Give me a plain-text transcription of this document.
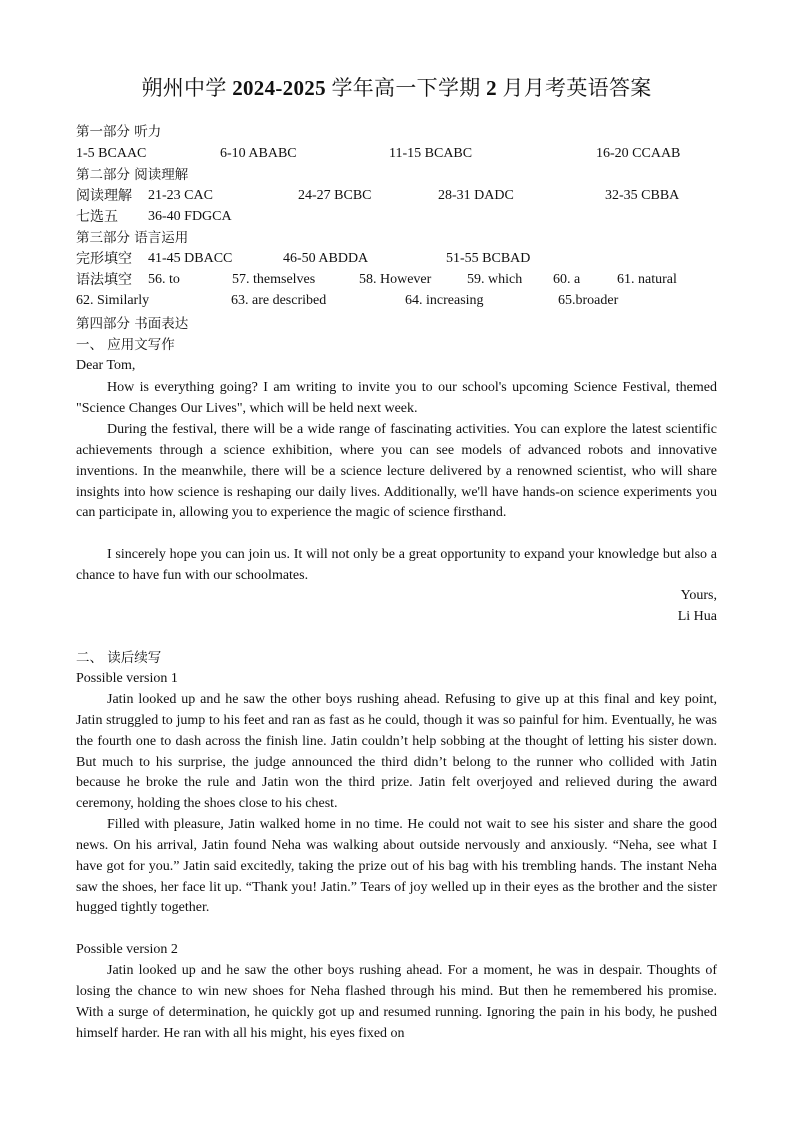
朔州中学 2024-2025 学年高一下学期 2 月月考英语答案
第一部分 听力
1-5 BCAAC	6-10 ABABC	11-15 BCABC	16-20 CCAAB
第二部分 阅读理解
阅读理解 21-23 CAC	24-27 BCBC	28-31 DADC	32-35 CBBA
七选五 36-40 FDGCA
第三部分 语言运用
完形填空 41-45 DBACC	46-50 ABDDA	51-55 BCBAD
语法填空 56. to	57. themselves	58. However	59. which 60. a	61. natural
62. Similarly	63. are described	64. increasing	65.broader
第四部分 书面表达
一、 应用文写作
Dear Tom,

How is everything going? I am writing to invite you to our school's upcoming Science Festival, themed "Science Changes Our Lives", which will be held next week.

During the festival, there will be a wide range of fascinating activities. You can explore the latest scientific achievements through a science exhibition, where you can see models of advanced robots and innovative inventions. In the meanwhile, there will be a science lecture delivered by a renowned scientist, who will share insights into how science is reshaping our daily lives. Additionally, we'll have hands-on science experiments you can participate in, allowing you to experience the magic of science firsthand.

I sincerely hope you can join us. It will not only be a great opportunity to expand your knowledge but also a chance to have fun with our schoolmates.

Yours,
Li Hua
二、 读后续写
Possible version 1

Jatin looked up and he saw the other boys rushing ahead. Refusing to give up at this final and key point, Jatin struggled to jump to his feet and ran as fast as he could, though it was so painful for him. Eventually, he was the fourth one to dash across the finish line. Jatin couldn’t help sobbing at the thought of letting his sister down. But much to his surprise, the judge announced the third didn’t belong to the runner who collided with Jatin because he broke the rule and Jatin won the third prize. Jatin felt overjoyed and relieved during the award ceremony, holding the shoes close to his chest.

Filled with pleasure, Jatin walked home in no time. He could not wait to see his sister and share the good news. On his arrival, Jatin found Neha was walking about outside nervously and anxiously. “Neha, see what I have got for you.” Jatin said excitedly, taking the prize out of his bag with his trembling hands. The instant Neha saw the shoes, her face lit up. “Thank you! Jatin.” Tears of joy welled up in their eyes as the brother and the sister hugged tightly together.

Possible version 2

Jatin looked up and he saw the other boys rushing ahead. For a moment, he was in despair. Thoughts of losing the chance to win new shoes for Neha flashed through his mind. But then he remembered his promise. With a surge of determination, he quickly got up and resumed running. Ignoring the pain in his body, he pushed himself harder. He ran with all his might, his eyes fixed on
